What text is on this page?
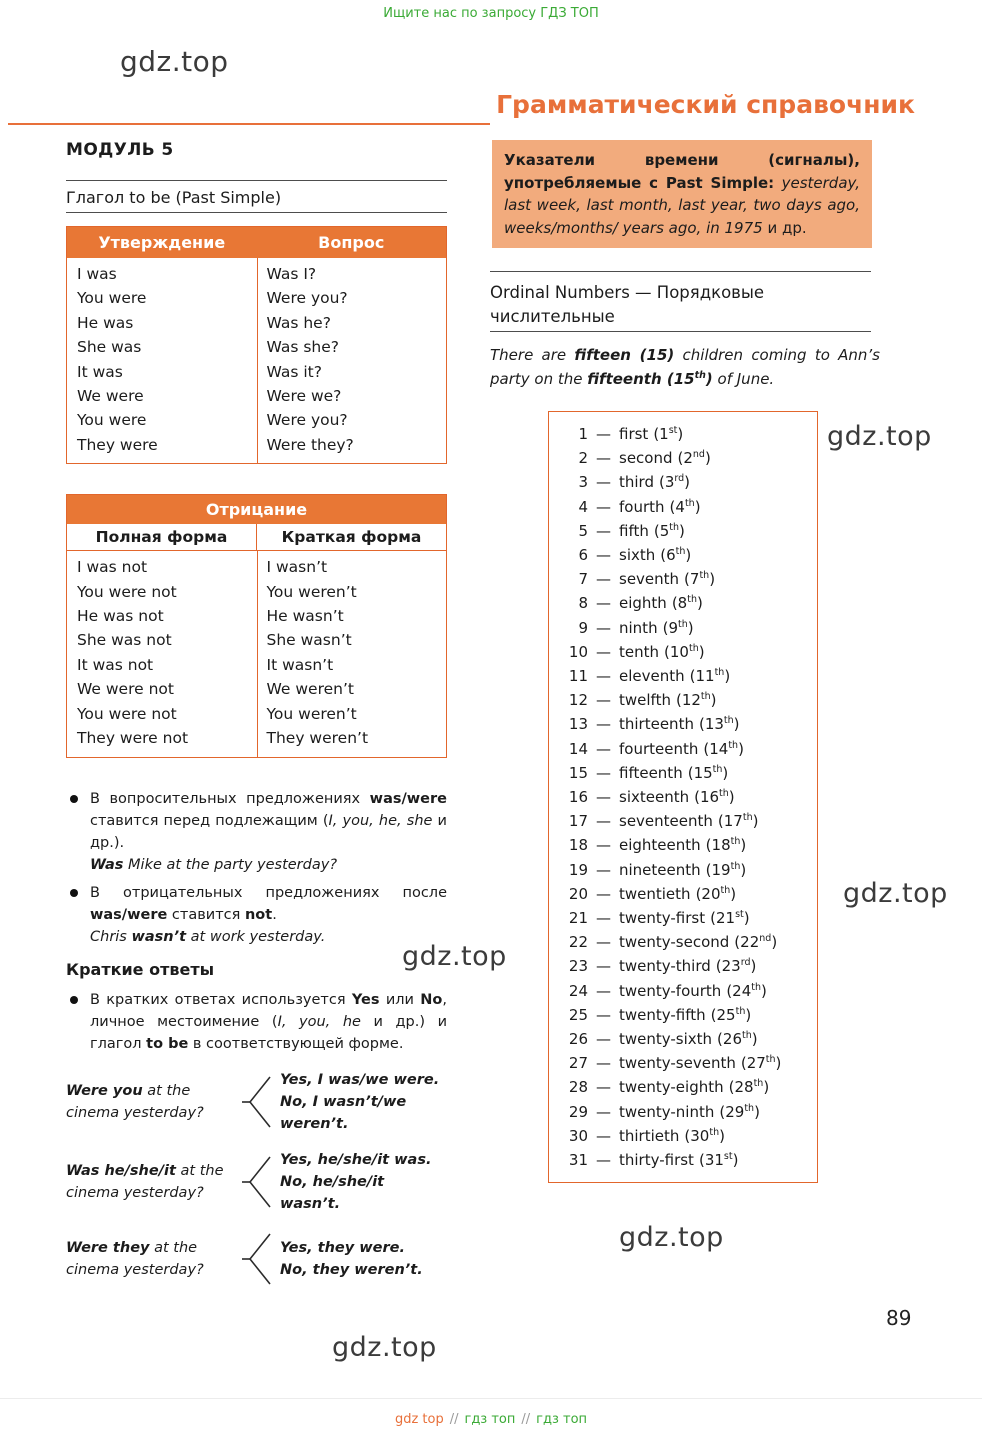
Ищите нас по запросу ГДЗ ТОП
gdz.top
gdz.top
gdz.top
gdz.top
gdz.top
gdz.top
Грамматический справочник
МОДУЛЬ 5
Глагол to be (Past Simple)
Утверждение	Вопрос
I was	Was I?
You were	Were you?
He was	Was he?
She was	Was she?
It was	Was it?
We were	Were we?
You were	Were you?
They were	Were they?
Отрицание
Полная форма	Краткая форма
I was not	I wasn’t
You were not	You weren’t
He was not	He wasn’t
She was not	She wasn’t
It was not	It wasn’t
We were not	We weren’t
You were not	You weren’t
They were not	They weren’t
В вопросительных предложениях was/were ставится перед подлежащим (I, you, he, she и др.).
Was Mike at the party yesterday?
В отрицательных предложениях после was/were ставится not.
Chris wasn’t at work yesterday.
Краткие ответы
В кратких ответах используется Yes или No, личное местоимение (I, you, he и др.) и глагол to be в соответствующей форме.
Were you at the cinema yesterday?
Yes, I was/we were.
No, I wasn’t/we weren’t.
Was he/she/it at the cinema yesterday?
Yes, he/she/it was.
No, he/she/it wasn’t.
Were they at the cinema yesterday?
Yes, they were.
No, they weren’t.
Указатели времени (сигналы), употребляемые с Past Simple: yesterday, last week, last month, last year, two days ago, weeks/months/ years ago, in 1975 и др.
Ordinal Numbers — Порядковые числительные
There are fifteen (15) children coming to Ann’s party on the fifteenth (15th) of June.
1 — first (1st)
2 — second (2nd)
3 — third (3rd)
4 — fourth (4th)
5 — fifth (5th)
6 — sixth (6th)
7 — seventh (7th)
8 — eighth (8th)
9 — ninth (9th)
10 — tenth (10th)
11 — eleventh (11th)
12 — twelfth (12th)
13 — thirteenth (13th)
14 — fourteenth (14th)
15 — fifteenth (15th)
16 — sixteenth (16th)
17 — seventeenth (17th)
18 — eighteenth (18th)
19 — nineteenth (19th)
20 — twentieth (20th)
21 — twenty-first (21st)
22 — twenty-second (22nd)
23 — twenty-third (23rd)
24 — twenty-fourth (24th)
25 — twenty-fifth (25th)
26 — twenty-sixth (26th)
27 — twenty-seventh (27th)
28 — twenty-eighth (28th)
29 — twenty-ninth (29th)
30 — thirtieth (30th)
31 — thirty-first (31st)
89
gdz top // гдз топ // гдз топ
